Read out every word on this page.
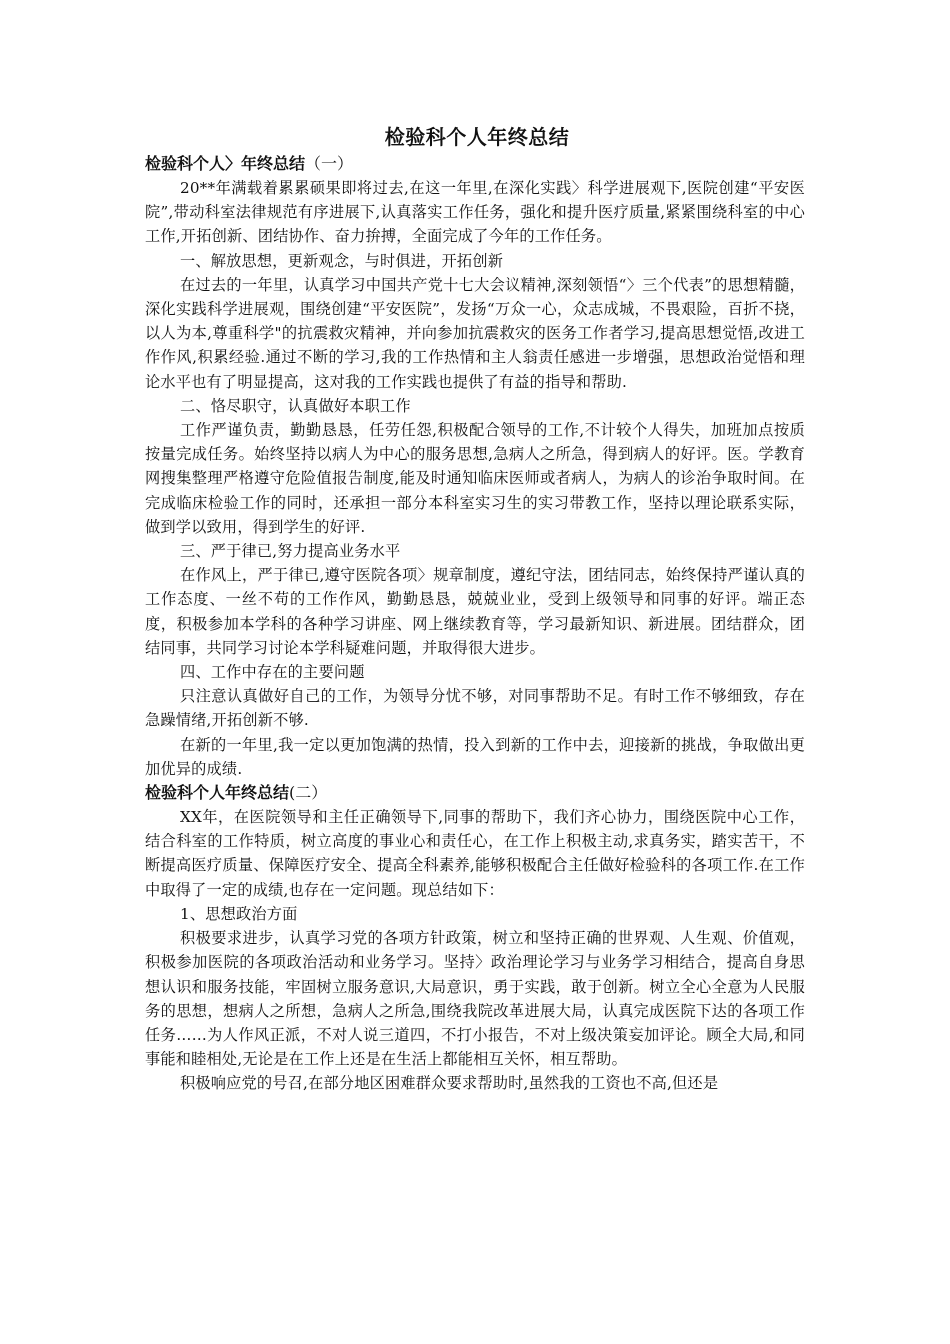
检验科个人年终总结
检验科个人〉年终总结（一）

20**年满载着累累硕果即将过去,在这一年里,在深化实践〉科学进展观下,医院创建“平安医院”,带动科室法律规范有序进展下,认真落实工作任务，强化和提升医疗质量,紧紧围绕科室的中心工作,开拓创新、团结协作、奋力拚搏，全面完成了今年的工作任务。

一、解放思想，更新观念，与时俱进，开拓创新

在过去的一年里，认真学习中国共产党十七大会议精神,深刻领悟“〉三个代表”的思想精髓，深化实践科学进展观，围绕创建“平安医院”，发扬“万众一心，众志成城，不畏艰险，百折不挠，以人为本,尊重科学"的抗震救灾精神，并向参加抗震救灾的医务工作者学习,提高思想觉悟,改进工作作风,积累经验.通过不断的学习,我的工作热情和主人翁责任感进一步增强，思想政治觉悟和理论水平也有了明显提高，这对我的工作实践也提供了有益的指导和帮助.

二、恪尽职守，认真做好本职工作

工作严谨负责，勤勤恳恳，任劳任怨,积极配合领导的工作,不计较个人得失，加班加点按质按量完成任务。始终坚持以病人为中心的服务思想,急病人之所急，得到病人的好评。医。学教育网搜集整理严格遵守危险值报告制度,能及时通知临床医师或者病人，为病人的诊治争取时间。在完成临床检验工作的同时，还承担一部分本科室实习生的实习带教工作，坚持以理论联系实际，做到学以致用，得到学生的好评.

三、严于律已,努力提高业务水平

在作风上，严于律已,遵守医院各项〉规章制度，遵纪守法，团结同志，始终保持严谨认真的工作态度、一丝不苟的工作作风，勤勤恳恳，兢兢业业，受到上级领导和同事的好评。端正态度，积极参加本学科的各种学习讲座、网上继续教育等，学习最新知识、新进展。团结群众，团结同事，共同学习讨论本学科疑难问题，并取得很大进步。

四、工作中存在的主要问题

只注意认真做好自己的工作，为领导分忧不够，对同事帮助不足。有时工作不够细致，存在急躁情绪,开拓创新不够.

在新的一年里,我一定以更加饱满的热情，投入到新的工作中去，迎接新的挑战，争取做出更加优异的成绩.

检验科个人年终总结(二）

XX年，在医院领导和主任正确领导下,同事的帮助下，我们齐心协力，围绕医院中心工作，结合科室的工作特质，树立高度的事业心和责任心，在工作上积极主动,求真务实，踏实苦干，不断提高医疗质量、保障医疗安全、提高全科素养,能够积极配合主任做好检验科的各项工作.在工作中取得了一定的成绩,也存在一定问题。现总结如下：

1、思想政治方面

积极要求进步，认真学习党的各项方针政策，树立和坚持正确的世界观、人生观、价值观，积极参加医院的各项政治活动和业务学习。坚持〉政治理论学习与业务学习相结合，提高自身思想认识和服务技能，牢固树立服务意识,大局意识，勇于实践，敢于创新。树立全心全意为人民服务的思想，想病人之所想，急病人之所急,围绕我院改革进展大局，认真完成医院下达的各项工作任务……为人作风正派，不对人说三道四，不打小报告，不对上级决策妄加评论。顾全大局,和同事能和睦相处,无论是在工作上还是在生活上都能相互关怀，相互帮助。

积极响应党的号召,在部分地区困难群众要求帮助时,虽然我的工资也不高,但还是
